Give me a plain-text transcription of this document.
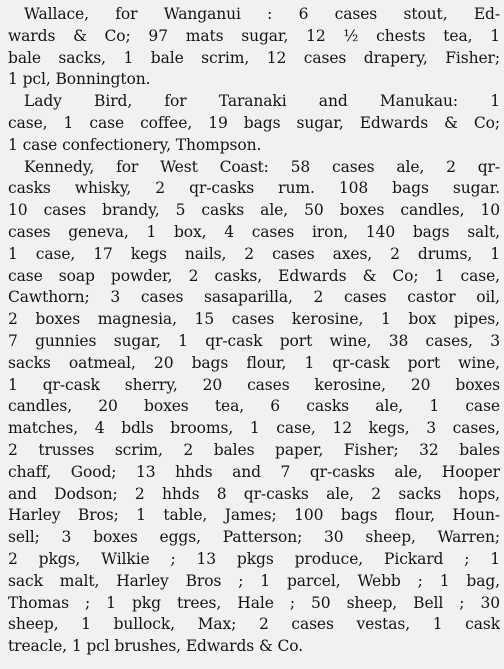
Wallace, for Wanganui : 6 cases stout, Ed-
wards & Co; 97 mats sugar, 12 ½ chests tea, 1
bale sacks, 1 bale scrim, 12 cases drapery, Fisher;
1 pcl, Bonnington.
Lady Bird, for Taranaki and Manukau: 1
case, 1 case coffee, 19 bags sugar, Edwards & Co;
1 case confectionery, Thompson.
Kennedy, for West Coast: 58 cases ale, 2 qr-
casks whisky, 2 qr-casks rum. 108 bags sugar.
10 cases brandy, 5 casks ale, 50 boxes candles, 10
cases geneva, 1 box, 4 cases iron, 140 bags salt,
1 case, 17 kegs nails, 2 cases axes, 2 drums, 1
case soap powder, 2 casks, Edwards & Co; 1 case,
Cawthorn; 3 cases sasaparilla, 2 cases castor oil,
2 boxes magnesia, 15 cases kerosine, 1 box pipes,
7 gunnies sugar, 1 qr-cask port wine, 38 cases, 3
sacks oatmeal, 20 bags flour, 1 qr-cask port wine,
1 qr-cask sherry, 20 cases kerosine, 20 boxes
candles, 20 boxes tea, 6 casks ale, 1 case
matches, 4 bdls brooms, 1 case, 12 kegs, 3 cases,
2 trusses scrim, 2 bales paper, Fisher; 32 bales
chaff, Good; 13 hhds and 7 qr-casks ale, Hooper
and Dodson; 2 hhds 8 qr-casks ale, 2 sacks hops,
Harley Bros; 1 table, James; 100 bags flour, Houn-
sell; 3 boxes eggs, Patterson; 30 sheep, Warren;
2 pkgs, Wilkie ; 13 pkgs produce, Pickard ; 1
sack malt, Harley Bros ; 1 parcel, Webb ; 1 bag,
Thomas ; 1 pkg trees, Hale ; 50 sheep, Bell ; 30
sheep, 1 bullock, Max; 2 cases vestas, 1 cask
treacle, 1 pcl brushes, Edwards & Co.
